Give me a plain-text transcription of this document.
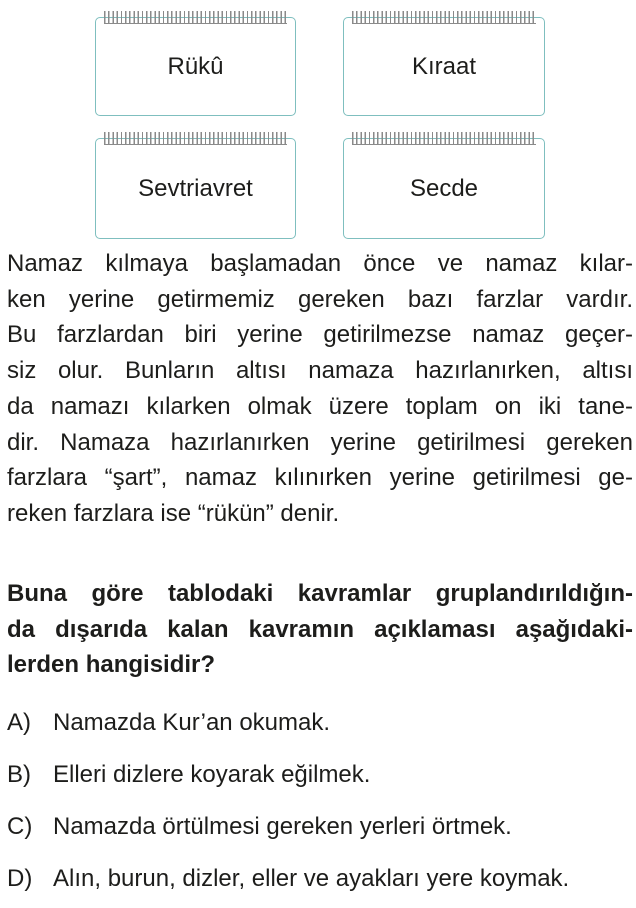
Rükû	Kıraat
Sevtriavret	Secde
Namaz kılmaya başlamadan önce ve namaz kılar-
ken yerine getirmemiz gereken bazı farzlar vardır.
Bu farzlardan biri yerine getirilmezse namaz geçer-
siz olur. Bunların altısı namaza hazırlanırken, altısı
da namazı kılarken olmak üzere toplam on iki tane-
dir. Namaza hazırlanırken yerine getirilmesi gereken
farzlara “şart”, namaz kılınırken yerine getirilmesi ge-
reken farzlara ise “rükün” denir.
Buna göre tablodaki kavramlar gruplandırıldığın-
da dışarıda kalan kavramın açıklaması aşağıdaki-
lerden hangisidir?
A) Namazda Kur’an okumak.
B) Elleri dizlere koyarak eğilmek.
C) Namazda örtülmesi gereken yerleri örtmek.
D) Alın, burun, dizler, eller ve ayakları yere koymak.
